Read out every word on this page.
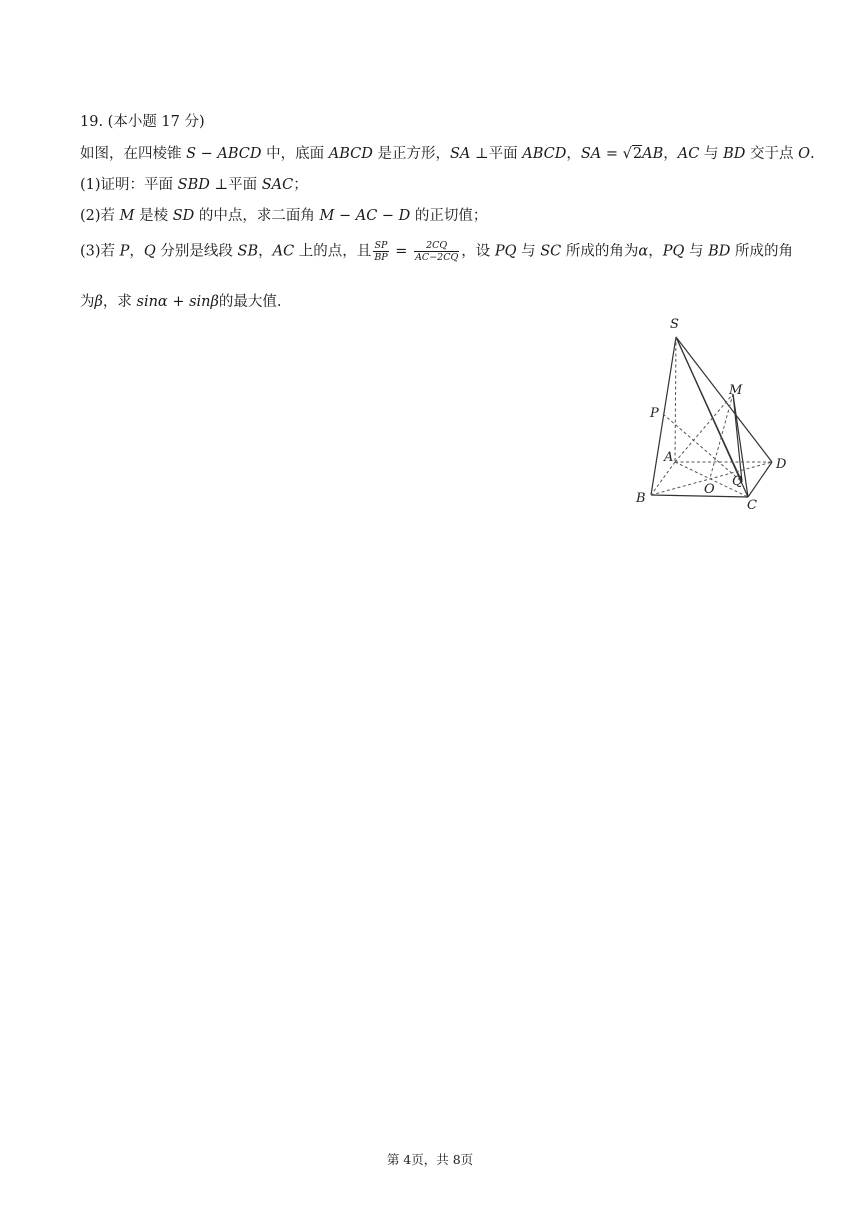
19. (本小题 17 分)
如图，在四棱锥 S − ABCD 中，底面 ABCD 是正方形，SA ⊥平面 ABCD，SA = √2AB，AC 与 BD 交于点 O.
(1)证明：平面 SBD ⊥平面 SAC；
(2)若 M 是棱 SD 的中点，求二面角 M − AC − D 的正切值；
(3)若 P，Q 分别是线段 SB，AC 上的点，且 $\frac{SP}{BP} = \frac{2CQ}{AC-2CQ}$ ，设 PQ 与 SC 所成的角为α，PQ 与 BD 所成的角
为β，求 sinα + sinβ的最大值.
S
M
P
A	D
Q
O
B	C
第 4页，共 8页
